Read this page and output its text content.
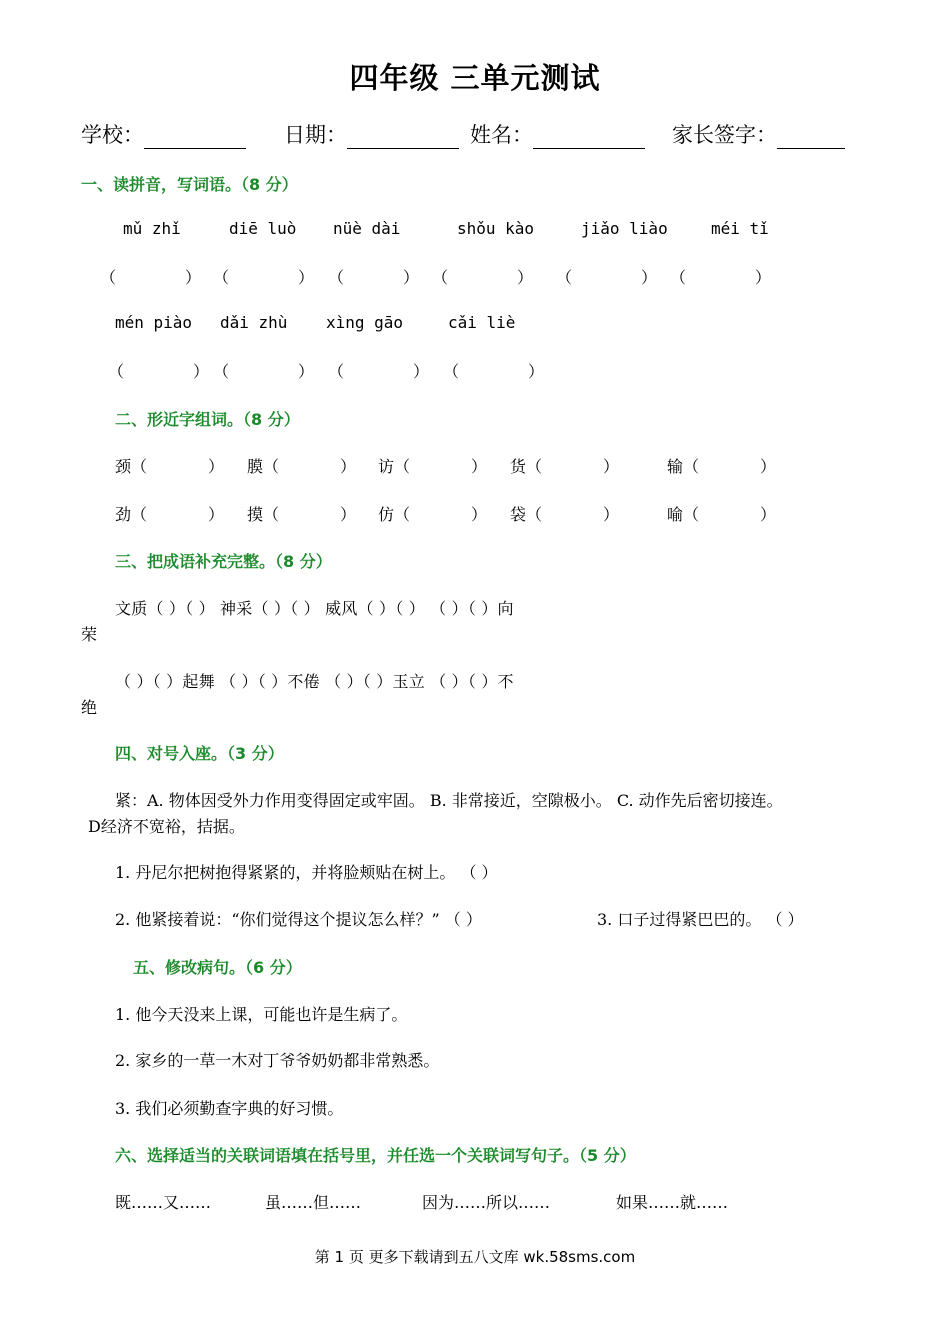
四年级 三单元测试
学校：	日期：	姓名：	家长签字：
一、读拼音，写词语。（8 分）
mǔ zhǐ	diē luò nüè dài	shǒu kào	jiǎo liào	méi tǐ
（	） （	） （	） （	） （	） （	）
mén piào dǎi zhù xìng gāo	cǎi liè
（	） （	） （	） （	）
二、形近字组词。（8 分）
颈（            ） 膜（            ） 访（            ） 货（            ）	输（            ）
劲（            ） 摸（            ） 仿（            ） 袋（            ）	喻（            ）
三、把成语补充完整。（8 分）
文质（ ）（ ） 神采（ ）（ ） 威风（ ）（ ） （ ）（ ）向
荣
（ ）（ ）起舞 （ ）（ ）不倦 （ ）（ ）玉立 （ ）（ ）不
绝
四、对号入座。（3 分）
紧：A. 物体因受外力作用变得固定或牢固。 B. 非常接近，空隙极小。 C. 动作先后密切接连。
D经济不宽裕，拮据。
1. 丹尼尔把树抱得紧紧的，并将脸颊贴在树上。 （ ）
2. 他紧接着说：“你们觉得这个提议怎么样？” （ ）	3. 口子过得紧巴巴的。 （ ）
五、修改病句。（6 分）
1. 他今天没来上课，可能也许是生病了。
2. 家乡的一草一木对丁爷爷奶奶都非常熟悉。
3. 我们必须勤查字典的好习惯。
六、选择适当的关联词语填在括号里，并任选一个关联词写句子。（5 分）
既……又……	虽……但……	因为……所以……	如果……就……
第 1 页 更多下载请到五八文库 wk.58sms.com
